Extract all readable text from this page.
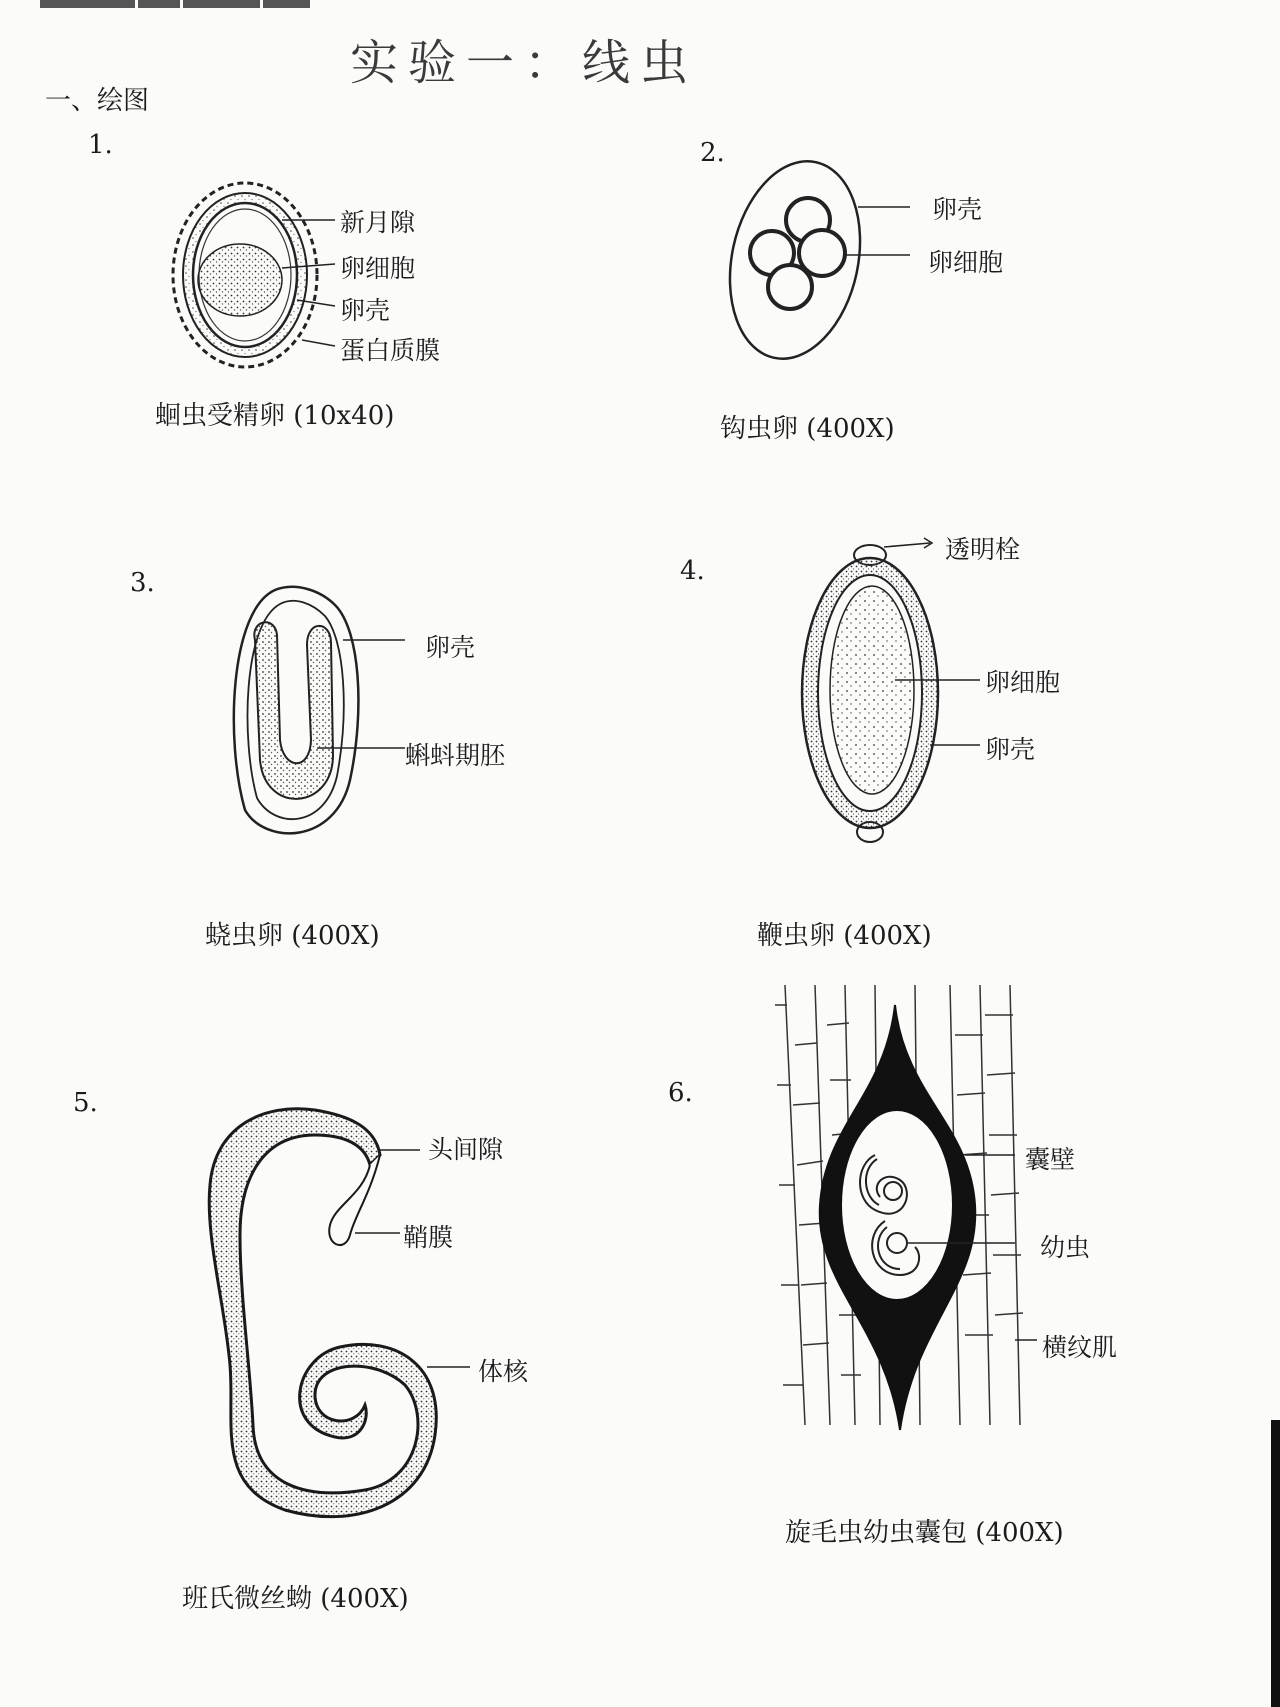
实验一：线虫
一、绘图
1.
新月隙
卵细胞
卵壳
蛋白质膜
蛔虫受精卵 (10x40)
2.
卵壳
卵细胞
钩虫卵 (400X)
3.
卵壳
蝌蚪期胚
蛲虫卵 (400X)
4.
透明栓
卵细胞
卵壳
鞭虫卵 (400X)
5.
头间隙
鞘膜
体核
班氏微丝蚴 (400X)
6.
囊壁
幼虫
横纹肌
旋毛虫幼虫囊包 (400X)
